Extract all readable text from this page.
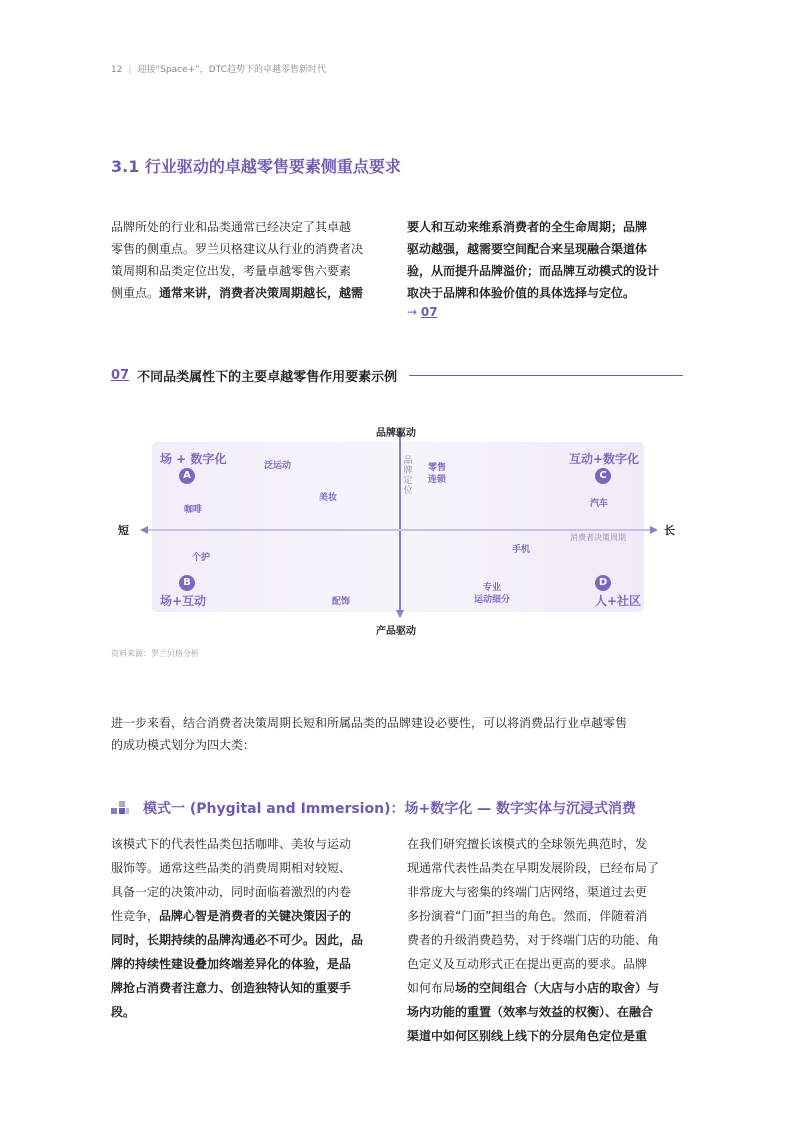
12 | 迎接“Space+”，DTC趋势下的卓越零售新时代
3.1 行业驱动的卓越零售要素侧重点要求
品牌所处的行业和品类通常已经决定了其卓越
零售的侧重点。罗兰贝格建议从行业的消费者决
策周期和品类定位出发，考量卓越零售六要素
侧重点。通常来讲，消费者决策周期越长，越需
要人和互动来维系消费者的全生命周期；品牌
驱动越强，越需要空间配合来呈现融合渠道体
验，从而提升品牌溢价；而品牌互动模式的设计
取决于品牌和体验价值的具体选择与定位。
→ 07
07 不同品类属性下的主要卓越零售作用要素示例
品牌驱动
产品驱动
短	长
消费者决策周期
品牌定位
场 + 数字化
A
B
场+互动
互动+数字化
C
D
人+社区
泛运动
美妆
咖啡
个护
配饰
零售
连锁
汽车
手机
专业
运动细分
资料来源：罗兰贝格分析
进一步来看，结合消费者决策周期长短和所属品类的品牌建设必要性，可以将消费品行业卓越零售
的成功模式划分为四大类：
模式一 (Phygital and Immersion)：场+数字化 — 数字实体与沉浸式消费
该模式下的代表性品类包括咖啡、美妆与运动
服饰等。通常这些品类的消费周期相对较短、
具备一定的决策冲动，同时面临着激烈的内卷
性竞争，品牌心智是消费者的关键决策因子的
同时，长期持续的品牌沟通必不可少。因此，品
牌的持续性建设叠加终端差异化的体验，是品
牌抢占消费者注意力、创造独特认知的重要手
段。
在我们研究擅长该模式的全球领先典范时，发
现通常代表性品类在早期发展阶段，已经布局了
非常庞大与密集的终端门店网络，渠道过去更
多扮演着“门面”担当的角色。然而，伴随着消
费者的升级消费趋势，对于终端门店的功能、角
色定义及互动形式正在提出更高的要求。品牌
如何布局场的空间组合（大店与小店的取舍）与
场内功能的重置（效率与效益的权衡）、在融合
渠道中如何区别线上线下的分层角色定位是重
